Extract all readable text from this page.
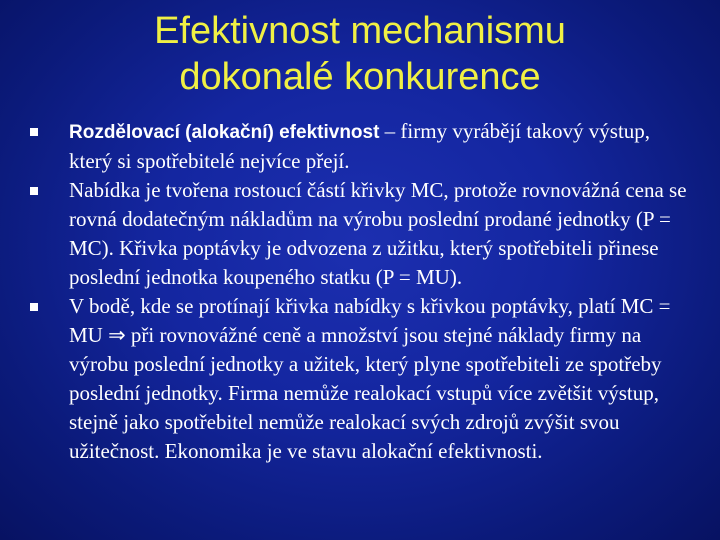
Efektivnost mechanismu
dokonalé konkurence
Rozdělovací (alokační) efektivnost – firmy vyrábějí takový výstup, který si spotřebitelé nejvíce přejí.
Nabídka je tvořena rostoucí částí křivky MC, protože rovnovážná cena se rovná dodatečným nákladům na výrobu poslední prodané jednotky (P = MC). Křivka poptávky je odvozena z užitku, který spotřebiteli přinese poslední jednotka koupeného statku (P = MU).
V bodě, kde se protínají křivka nabídky s křivkou poptávky, platí MC = MU ⇒ při rovnovážné ceně a množství jsou stejné náklady firmy na výrobu poslední jednotky a užitek, který plyne spotřebiteli ze spotřeby poslední jednotky. Firma nemůže realokací vstupů více zvětšit výstup, stejně jako spotřebitel nemůže realokací svých zdrojů zvýšit svou užitečnost. Ekonomika je ve stavu alokační efektivnosti.
